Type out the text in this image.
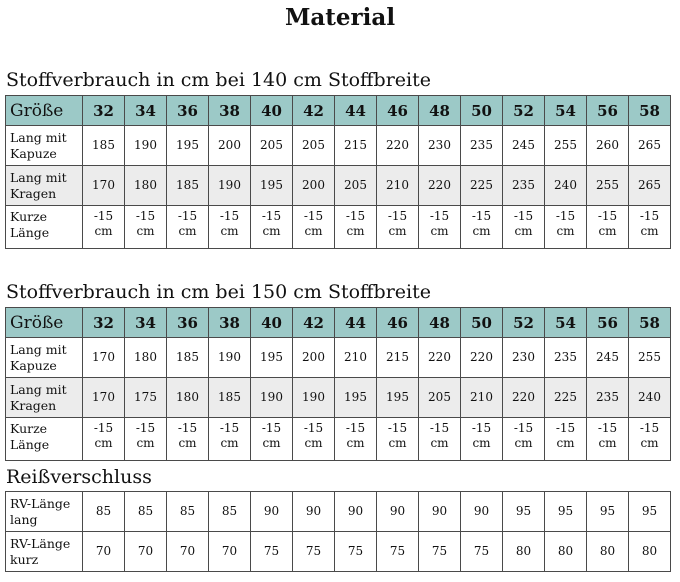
Material
Stoffverbrauch in cm bei 140 cm Stoffbreite
Größe	32	34	36	38	40	42	44	46	48	50	52	54	56	58

Lang mit
Kapuze	185	190	195	200	205	205	215	220	230	235	245	255	260	265

Lang mit
Kragen	170	180	185	190	195	200	205	210	220	225	235	240	255	265

Kurze
Länge	-15 cm	-15 cm	-15 cm	-15 cm	-15 cm	-15 cm	-15 cm	-15 cm	-15 cm	-15 cm	-15 cm	-15 cm	-15 cm	-15 cm
Stoffverbrauch in cm bei 150 cm Stoffbreite
Größe	32	34	36	38	40	42	44	46	48	50	52	54	56	58

Lang mit
Kapuze	170	180	185	190	195	200	210	215	220	220	230	235	245	255

Lang mit
Kragen	170	175	180	185	190	190	195	195	205	210	220	225	235	240

Kurze
Länge	-15 cm	-15 cm	-15 cm	-15 cm	-15 cm	-15 cm	-15 cm	-15 cm	-15 cm	-15 cm	-15 cm	-15 cm	-15 cm	-15 cm
Reißverschluss
RV-Länge
lang	85	85	85	85	90	90	90	90	90	90	95	95	95	95

RV-Länge
kurz	70	70	70	70	75	75	75	75	75	75	80	80	80	80
